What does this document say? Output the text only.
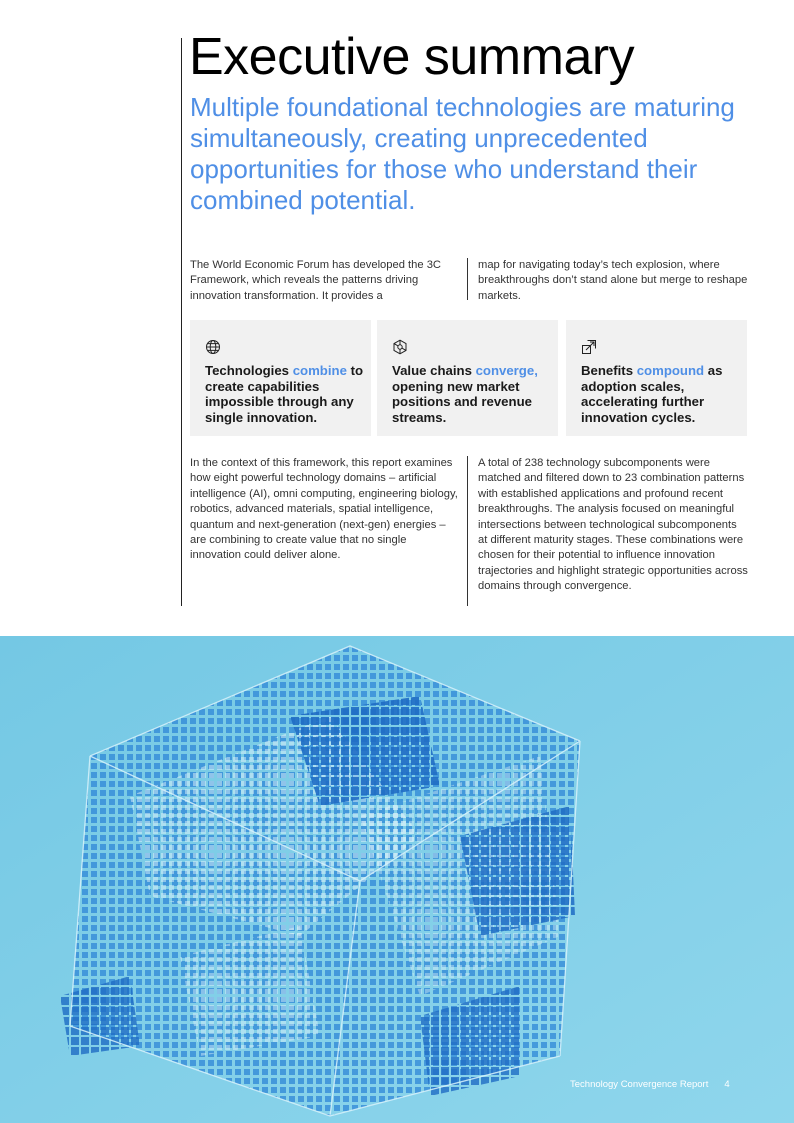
Executive summary

Multiple foundational technologies are maturing simultaneously, creating unprecedented opportunities for those who understand their combined potential.

The World Economic Forum has developed the 3C Framework, which reveals the patterns driving innovation transformation. It provides a

map for navigating today’s tech explosion, where breakthroughs don’t stand alone but merge to reshape markets.

Technologies combine to create capabilities impossible through any single innovation.
Value chains converge, opening new market positions and revenue streams.
Benefits compound as adoption scales, accelerating further innovation cycles.

In the context of this framework, this report examines how eight powerful technology domains – artificial intelligence (AI), omni computing, engineering biology, robotics, advanced materials, spatial intelligence, quantum and next-generation (next-gen) energies – are combining to create value that no single innovation could deliver alone.

A total of 238 technology subcomponents were matched and filtered down to 23 combination patterns with established applications and profound recent breakthroughs. The analysis focused on meaningful intersections between technological subcomponents at different maturity stages. These combinations were chosen for their potential to influence innovation trajectories and highlight strategic opportunities across domains through convergence.

Technology Convergence Report 4
